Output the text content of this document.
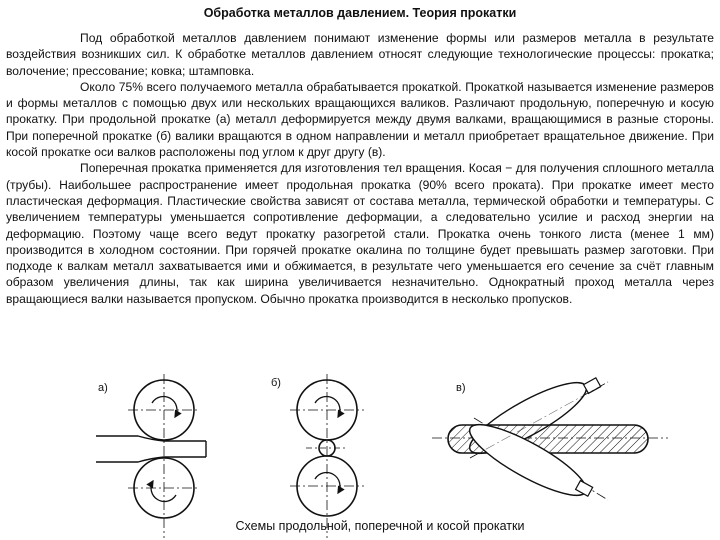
Обработка металлов давлением. Теория прокатки

Под обработкой металлов давлением понимают изменение формы или размеров металла в результате воздействия возникших сил. К обработке металлов давлением относят следующие технологические процессы: прокатка; волочение; прессование; ковка; штамповка.

Около 75% всего получаемого металла обрабатывается прокаткой. Прокаткой называется изменение размеров и формы металлов с помощью двух или нескольких вращающихся валиков. Различают продольную, поперечную и косую прокатку. При продольной прокатке (а) металл деформируется между двумя валками, вращающимися в разные стороны. При поперечной прокатке (б) валики вращаются в одном направлении и металл приобретает вращательное движение. При косой прокатке оси валков расположены под углом к друг другу (в).

Поперечная прокатка применяется для изготовления тел вращения. Косая − для получения сплошного металла (трубы). Наибольшее распространение имеет продольная прокатка (90% всего проката). При прокатке имеет место пластическая деформация. Пластические свойства зависят от состава металла, термической обработки и температуры. С увеличением температуры уменьшается сопротивление деформации, а следовательно усилие и расход энергии на деформацию. Поэтому чаще всего ведут прокатку разогретой стали. Прокатка очень тонкого листа (менее 1 мм) производится в холодном состоянии. При горячей прокатке окалина по толщине будет превышать размер заготовки. При подходе к валкам металл захватывается ими и обжимается, в результате чего уменьшается его сечение за счёт главным образом увеличения длины, так как ширина увеличивается незначительно. Однократный проход металла через вращающиеся валки называется пропуском. Обычно прокатка производится в несколько пропусков.

а)	б)	в)
Схемы продольной, поперечной и косой прокатки
